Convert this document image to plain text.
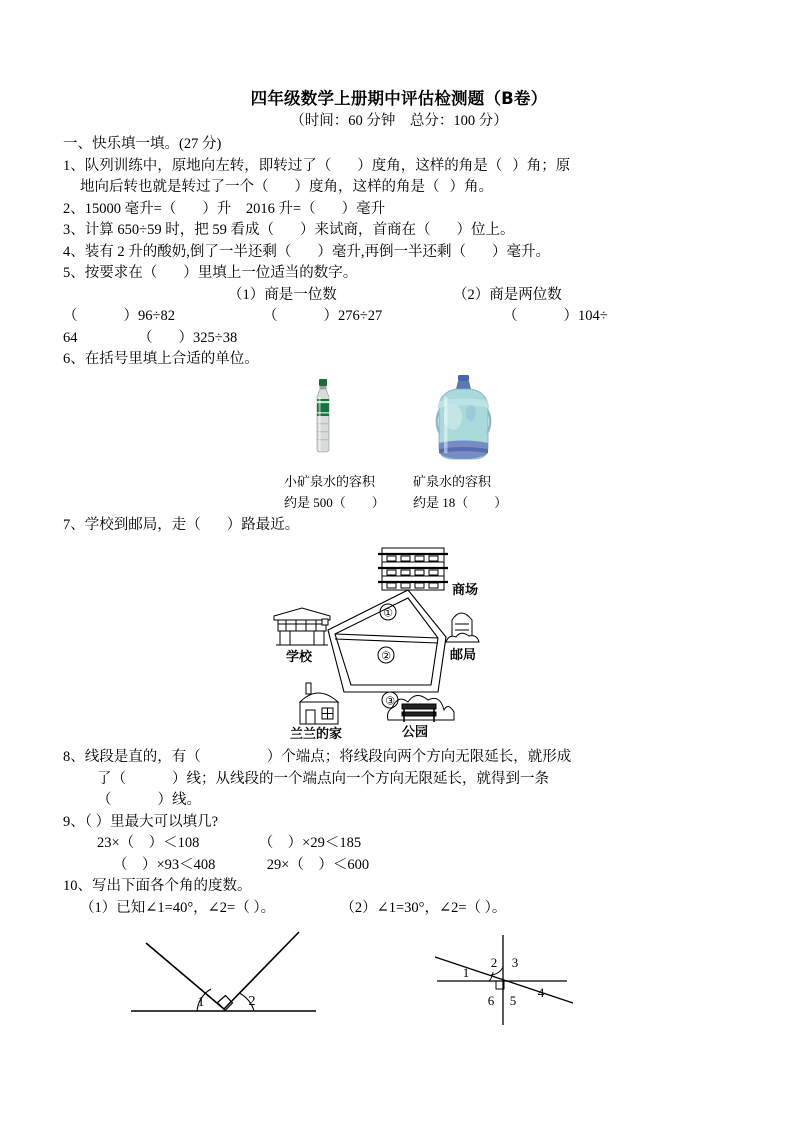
四年级数学上册期中评估检测题（B卷）
（时间：60 分钟　总分：100 分）
一、快乐填一填。(27 分)
1、队列训练中，原地向左转，即转过了（ ）度角，这样的角是（ ）角；原
地向后转也就是转过了一个（ ）度角，这样的角是（ ）角。
2、15000 毫升=（ ）升 2016 升=（ ）毫升
3、计算 650÷59 时，把 59 看成（ ）来试商，首商在（ ）位上。
4、装有 2 升的酸奶,倒了一半还剩（ ）毫升,再倒一半还剩（ ）毫升。
5、按要求在（ ）里填上一位适当的数字。
（1）商是一位数	（2）商是两位数
（	）96÷82	（	）276÷27	（	）104÷
64	（ ）325÷38
6、在括号里填上合适的单位。
小矿泉水的容积
约是 500（ ）
矿泉水的容积
约是 18（ ）
7、学校到邮局，走（ ）路最近。
①
②
③
商场
学校	邮局
兰兰的家	公园
8、线段是直的，有（	）个端点；将线段向两个方向无限延长，就形成
了（	）线；从线段的一个端点向一个方向无限延长，就得到一条
（	）线。
9、（ ）里最大可以填几?
23×（　）＜108	（　）×29＜185
（　）×93＜408	29×（　）＜600
10、写出下面各个角的度数。
（1）已知∠1=40°，∠2=（ ）。	（2）∠1=30°，∠2=（ ）。
1	2
1
2 3
4
5
6
